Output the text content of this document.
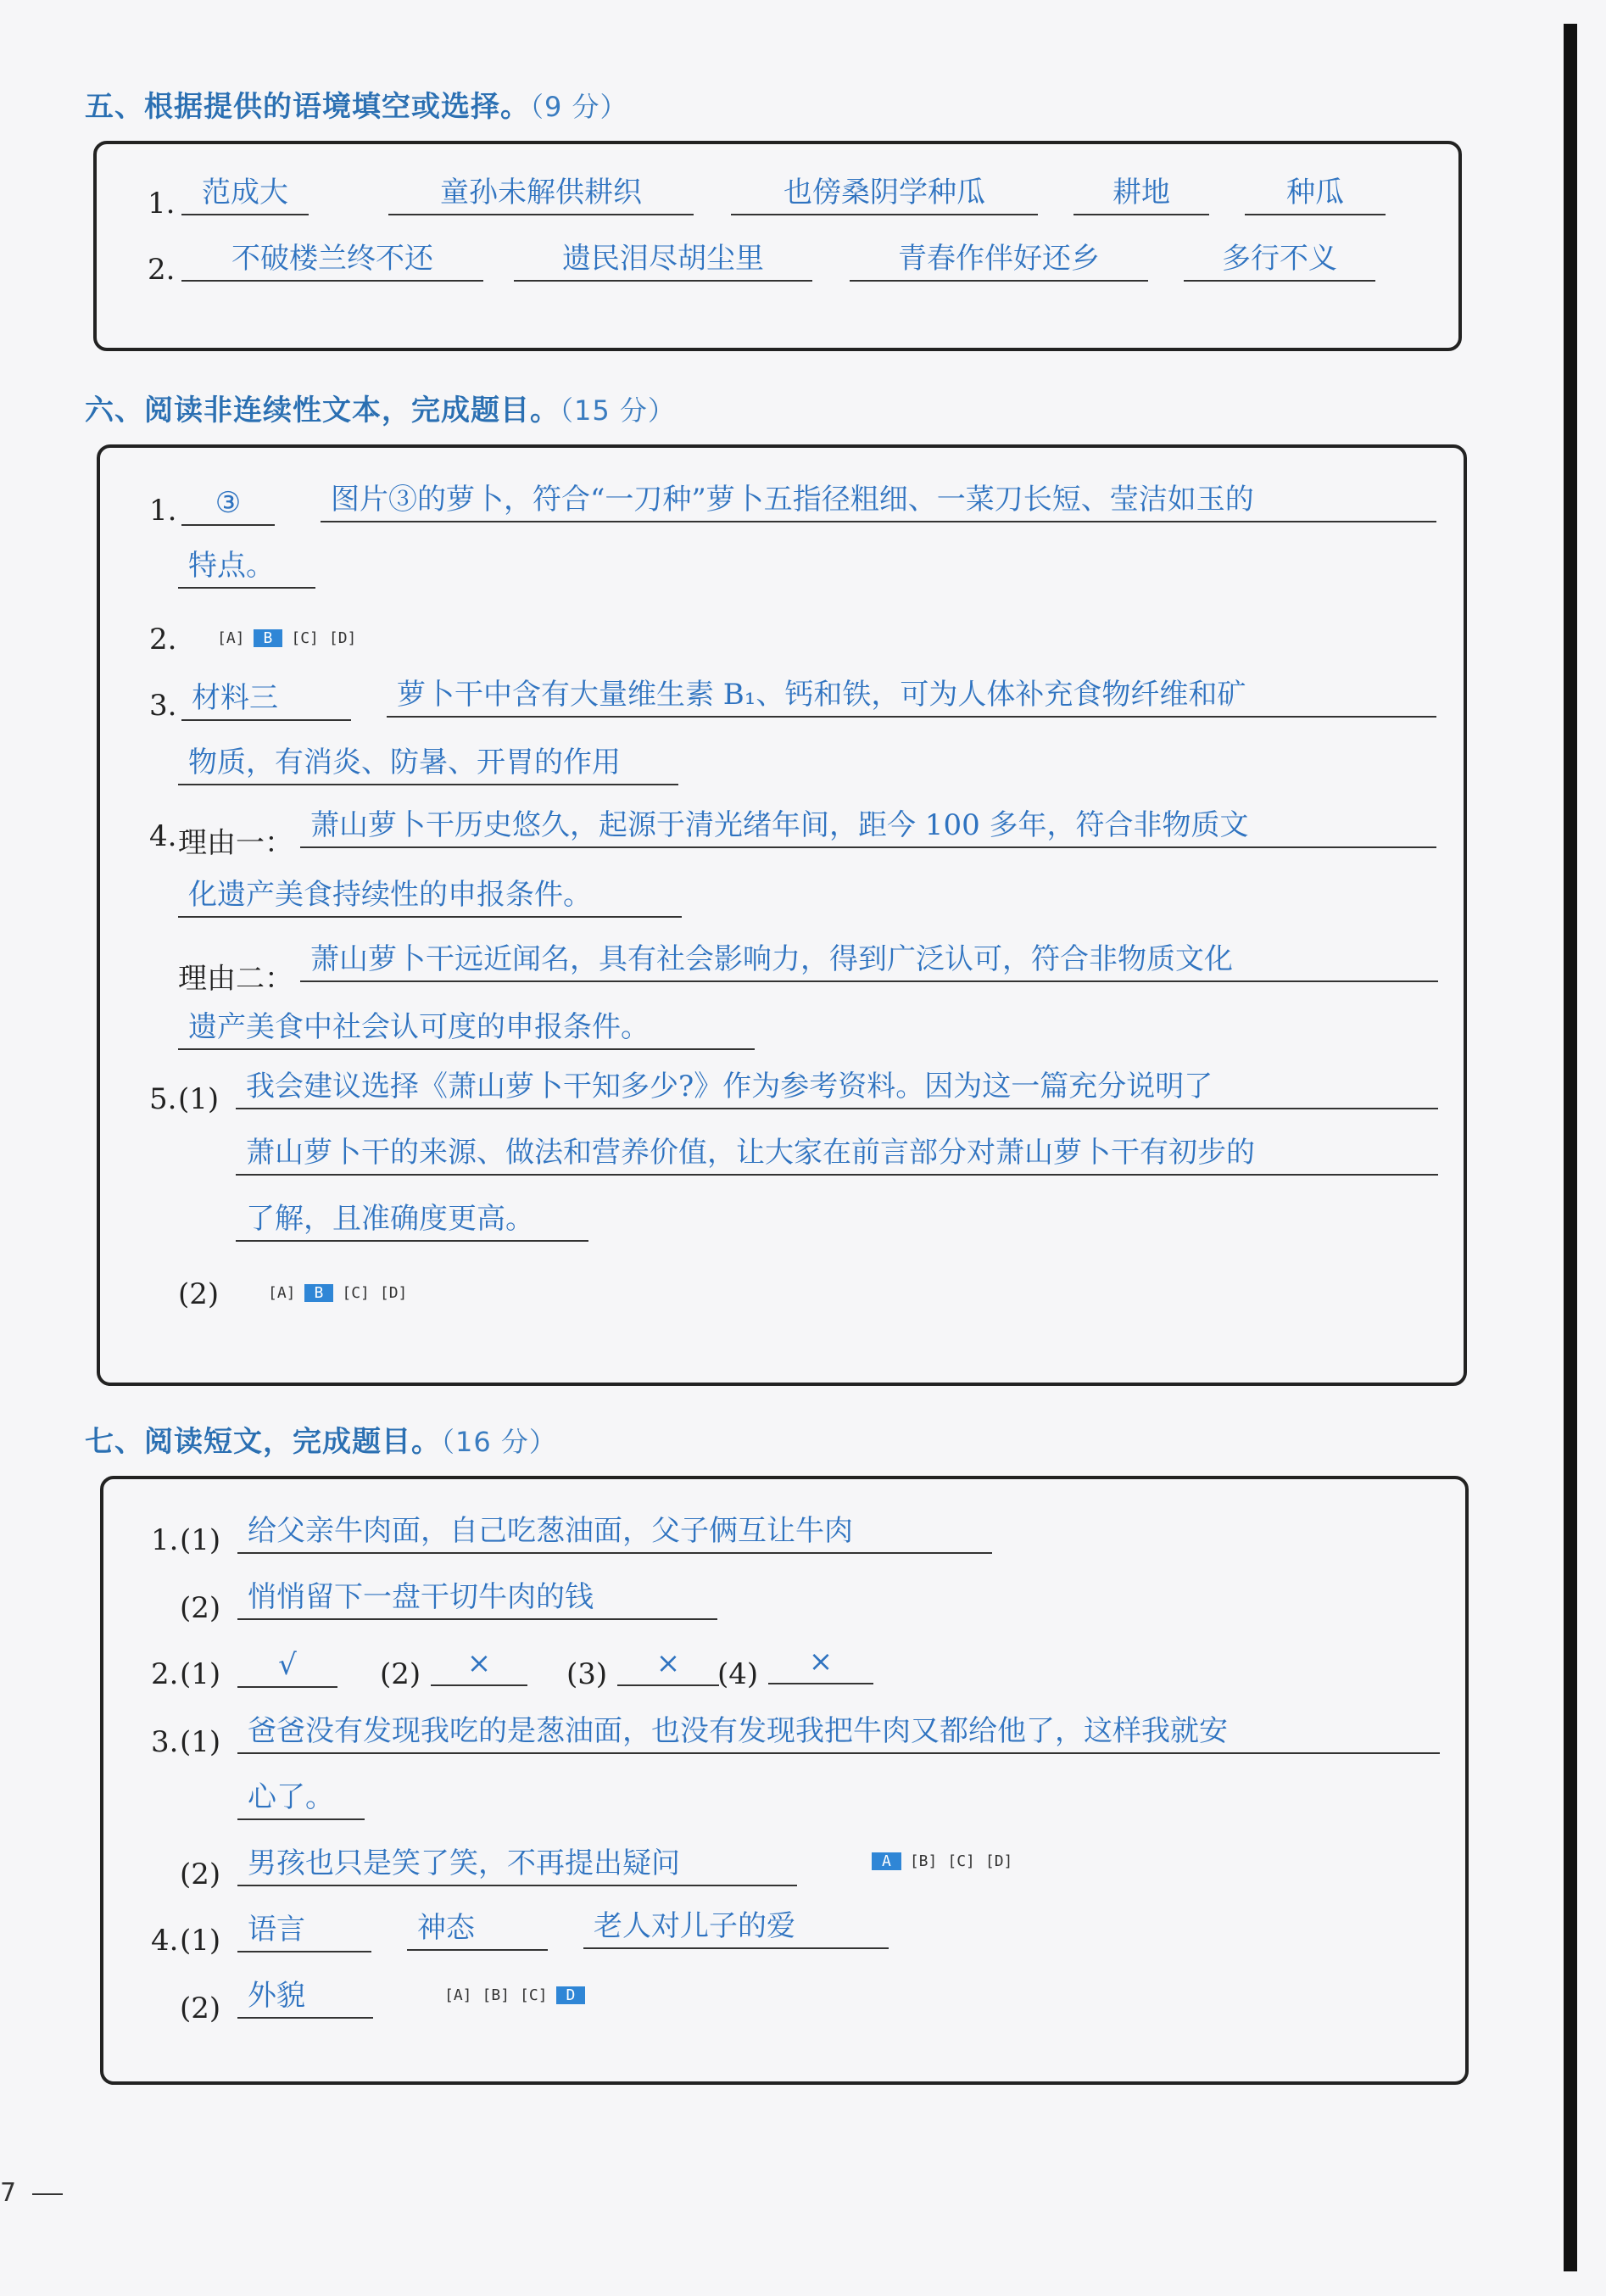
五、根据提供的语境填空或选择。（9 分）
1. 范成大	童孙未解供耕织	也傍桑阴学种瓜	耕地	种瓜
2.	不破楼兰终不还	遗民泪尽胡尘里	青春作伴好还乡	多行不义
六、阅读非连续性文本，完成题目。（15 分）
1.	③	图片③的萝卜，符合“一刀种”萝卜五指径粗细、一菜刀长短、莹洁如玉的
特点。
2.	[A] B [C] [D]
3. 材料三	萝卜干中含有大量维生素 B₁、钙和铁，可为人体补充食物纤维和矿
物质，有消炎、防暑、开胃的作用
4. 理由一：
萧山萝卜干历史悠久，起源于清光绪年间，距今 100 多年，符合非物质文
化遗产美食持续性的申报条件。
理由二：
萧山萝卜干远近闻名，具有社会影响力，得到广泛认可，符合非物质文化
遗产美食中社会认可度的申报条件。
5. (1) 我会建议选择《萧山萝卜干知多少?》作为参考资料。因为这一篇充分说明了
萧山萝卜干的来源、做法和营养价值，让大家在前言部分对萧山萝卜干有初步的
了解，且准确度更高。
(2)	[A] B [C] [D]
七、阅读短文，完成题目。（16 分）
1. (1) 给父亲牛肉面，自己吃葱油面，父子俩互让牛肉
(2) 悄悄留下一盘干切牛肉的钱
2. (1)	√	(2)	×	(3)	×	(4)	×
3. (1) 爸爸没有发现我吃的是葱油面，也没有发现我把牛肉又都给他了，这样我就安
心了。
(2) 男孩也只是笑了笑，不再提出疑问	A [B] [C] [D]
4. (1) 语言	神态	老人对儿子的爱
(2) 外貌	[A] [B] [C] D
7
